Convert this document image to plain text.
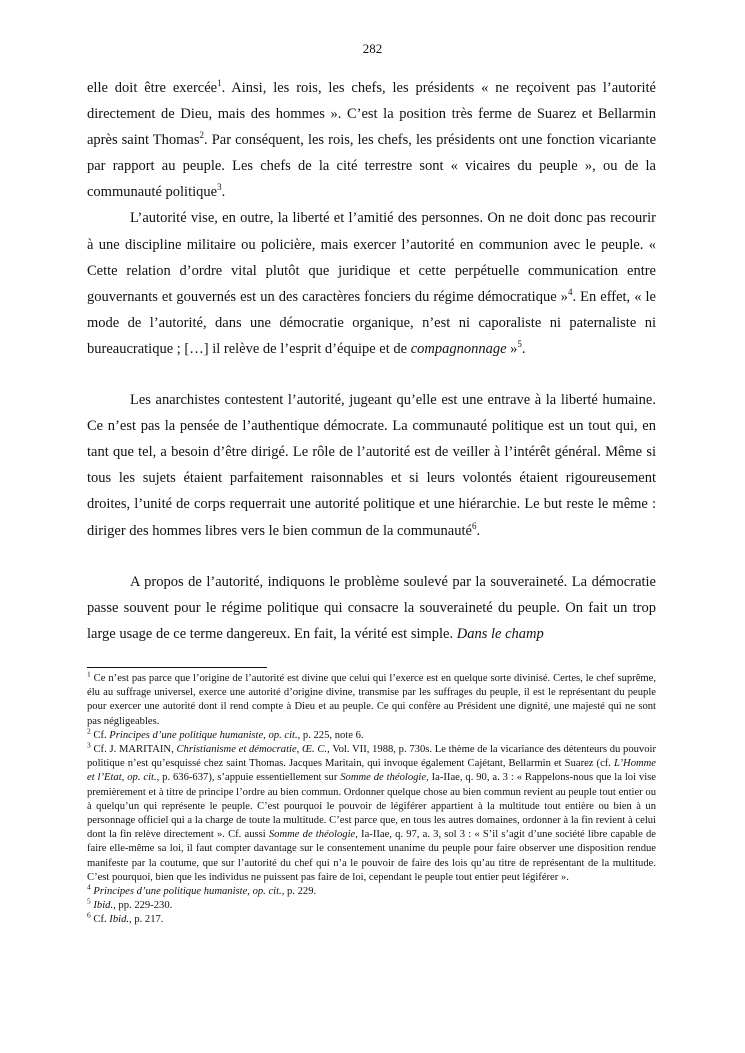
282

elle doit être exercée$^1$. Ainsi, les rois, les chefs, les présidents « ne reçoivent pas l’autorité directement de Dieu, mais des hommes ». C’est la position très ferme de Suarez et Bellarmin après saint Thomas$^2$. Par conséquent, les rois, les chefs, les présidents ont une fonction vicariante par rapport au peuple. Les chefs de la cité terrestre sont « vicaires du peuple », ou de la communauté politique$^3$.

L’autorité vise, en outre, la liberté et l’amitié des personnes. On ne doit donc pas recourir à une discipline militaire ou policière, mais exercer l’autorité en communion avec le peuple. « Cette relation d’ordre vital plutôt que juridique et cette perpétuelle communication entre gouvernants et gouvernés est un des caractères fonciers du régime démocratique »$^4$. En effet, « le mode de l’autorité, dans une démocratie organique, n’est ni caporaliste ni paternaliste ni bureaucratique ; […] il relève de l’esprit d’équipe et de compagnonnage »$^5$.

Les anarchistes contestent l’autorité, jugeant qu’elle est une entrave à la liberté humaine. Ce n’est pas la pensée de l’authentique démocrate. La communauté politique est un tout qui, en tant que tel, a besoin d’être dirigé. Le rôle de l’autorité est de veiller à l’intérêt général. Même si tous les sujets étaient parfaitement raisonnables et si leurs volontés étaient rigoureusement droites, l’unité de corps requerrait une autorité politique et une hiérarchie. Le but reste le même : diriger des hommes libres vers le bien commun de la communauté$^6$.

A propos de l’autorité, indiquons le problème soulevé par la souveraineté. La démocratie passe souvent pour le régime politique qui consacre la souveraineté du peuple. On fait un trop large usage de ce terme dangereux. En fait, la vérité est simple. Dans le champ

$^1$ Ce n’est pas parce que l’origine de l’autorité est divine que celui qui l’exerce est en quelque sorte divinisé. Certes, le chef suprême, élu au suffrage universel, exerce une autorité d’origine divine, transmise par les suffrages du peuple, il est le représentant du peuple pour exercer une autorité dont il rend compte à Dieu et au peuple. Ce qui confère au Président une dignité, une majesté qui ne sont pas négligeables.

$^2$ Cf. Principes d’une politique humaniste, op. cit., p. 225, note 6.

$^3$ Cf. J. MARITAIN, Christianisme et démocratie, Œ. C., Vol. VII, 1988, p. 730s. Le thème de la vicariance des détenteurs du pouvoir politique n’est qu’esquissé chez saint Thomas. Jacques Maritain, qui invoque également Cajétant, Bellarmin et Suarez (cf. L’Homme et l’Etat, op. cit., p. 636-637), s’appuie essentiellement sur Somme de théologie, Ia-IIae, q. 90, a. 3 : « Rappelons-nous que la loi vise premièrement et à titre de principe l’ordre au bien commun. Ordonner quelque chose au bien commun revient au peuple tout entier ou à quelqu’un qui représente le peuple. C’est pourquoi le pouvoir de légiférer appartient à la multitude tout entière ou bien à un personnage officiel qui a la charge de toute la multitude. C’est parce que, en tous les autres domaines, ordonner à la fin revient à celui dont la fin relève directement ». Cf. aussi Somme de théologie, Ia-IIae, q. 97, a. 3, sol 3 : « S’il s’agit d’une société libre capable de faire elle-même sa loi, il faut compter davantage sur le consentement unanime du peuple pour faire observer une disposition rendue manifeste par la coutume, que sur l’autorité du chef qui n’a le pouvoir de faire des lois qu’au titre de représentant de la multitude. C’est pourquoi, bien que les individus ne puissent pas faire de loi, cependant le peuple tout entier peut légiférer ».

$^4$ Principes d’une politique humaniste, op. cit., p. 229.

$^5$ Ibid., pp. 229-230.

$^6$ Cf. Ibid., p. 217.
